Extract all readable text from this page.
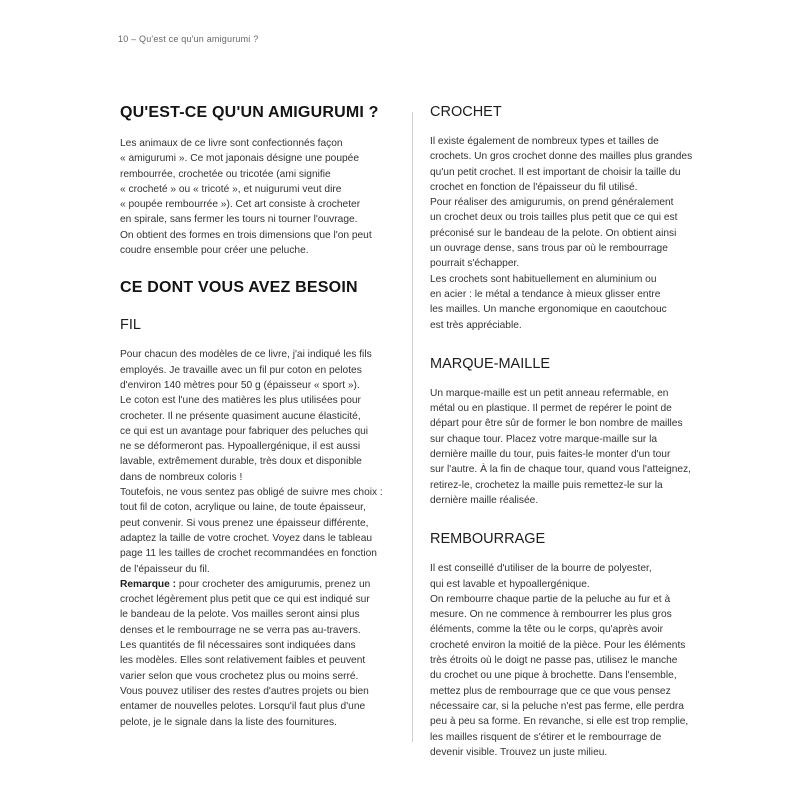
10 – Qu'est ce qu'un amigurumi ?
QU'EST-CE QU'UN AMIGURUMI ?

Les animaux de ce livre sont confectionnés façon
« amigurumi ». Ce mot japonais désigne une poupée
rembourrée, crochetée ou tricotée (ami signifie
« crocheté » ou « tricoté », et nuigurumi veut dire
« poupée rembourrée »). Cet art consiste à crocheter
en spirale, sans fermer les tours ni tourner l'ouvrage.
On obtient des formes en trois dimensions que l'on peut
coudre ensemble pour créer une peluche.

CE DONT VOUS AVEZ BESOIN
FIL

Pour chacun des modèles de ce livre, j'ai indiqué les fils
employés. Je travaille avec un fil pur coton en pelotes
d'environ 140 mètres pour 50 g (épaisseur « sport »).
Le coton est l'une des matières les plus utilisées pour
crocheter. Il ne présente quasiment aucune élasticité,
ce qui est un avantage pour fabriquer des peluches qui
ne se déformeront pas. Hypoallergénique, il est aussi
lavable, extrêmement durable, très doux et disponible
dans de nombreux coloris !
Toutefois, ne vous sentez pas obligé de suivre mes choix :
tout fil de coton, acrylique ou laine, de toute épaisseur,
peut convenir. Si vous prenez une épaisseur différente,
adaptez la taille de votre crochet. Voyez dans le tableau
page 11 les tailles de crochet recommandées en fonction
de l'épaisseur du fil.
Remarque : pour crocheter des amigurumis, prenez un
crochet légèrement plus petit que ce qui est indiqué sur
le bandeau de la pelote. Vos mailles seront ainsi plus
denses et le rembourrage ne se verra pas au-travers.
Les quantités de fil nécessaires sont indiquées dans
les modèles. Elles sont relativement faibles et peuvent
varier selon que vous crochetez plus ou moins serré.
Vous pouvez utiliser des restes d'autres projets ou bien
entamer de nouvelles pelotes. Lorsqu'il faut plus d'une
pelote, je le signale dans la liste des fournitures.

CROCHET

Il existe également de nombreux types et tailles de
crochets. Un gros crochet donne des mailles plus grandes
qu'un petit crochet. Il est important de choisir la taille du
crochet en fonction de l'épaisseur du fil utilisé.
Pour réaliser des amigurumis, on prend généralement
un crochet deux ou trois tailles plus petit que ce qui est
préconisé sur le bandeau de la pelote. On obtient ainsi
un ouvrage dense, sans trous par où le rembourrage
pourrait s'échapper.
Les crochets sont habituellement en aluminium ou
en acier : le métal a tendance à mieux glisser entre
les mailles. Un manche ergonomique en caoutchouc
est très appréciable.

MARQUE-MAILLE

Un marque-maille est un petit anneau refermable, en
métal ou en plastique. Il permet de repérer le point de
départ pour être sûr de former le bon nombre de mailles
sur chaque tour. Placez votre marque-maille sur la
dernière maille du tour, puis faites-le monter d'un tour
sur l'autre. À la fin de chaque tour, quand vous l'atteignez,
retirez-le, crochetez la maille puis remettez-le sur la
dernière maille réalisée.

REMBOURRAGE

Il est conseillé d'utiliser de la bourre de polyester,
qui est lavable et hypoallergénique.
On rembourre chaque partie de la peluche au fur et à
mesure. On ne commence à rembourrer les plus gros
éléments, comme la tête ou le corps, qu'après avoir
crocheté environ la moitié de la pièce. Pour les éléments
très étroits où le doigt ne passe pas, utilisez le manche
du crochet ou une pique à brochette. Dans l'ensemble,
mettez plus de rembourrage que ce que vous pensez
nécessaire car, si la peluche n'est pas ferme, elle perdra
peu à peu sa forme. En revanche, si elle est trop remplie,
les mailles risquent de s'étirer et le rembourrage de
devenir visible. Trouvez un juste milieu.
